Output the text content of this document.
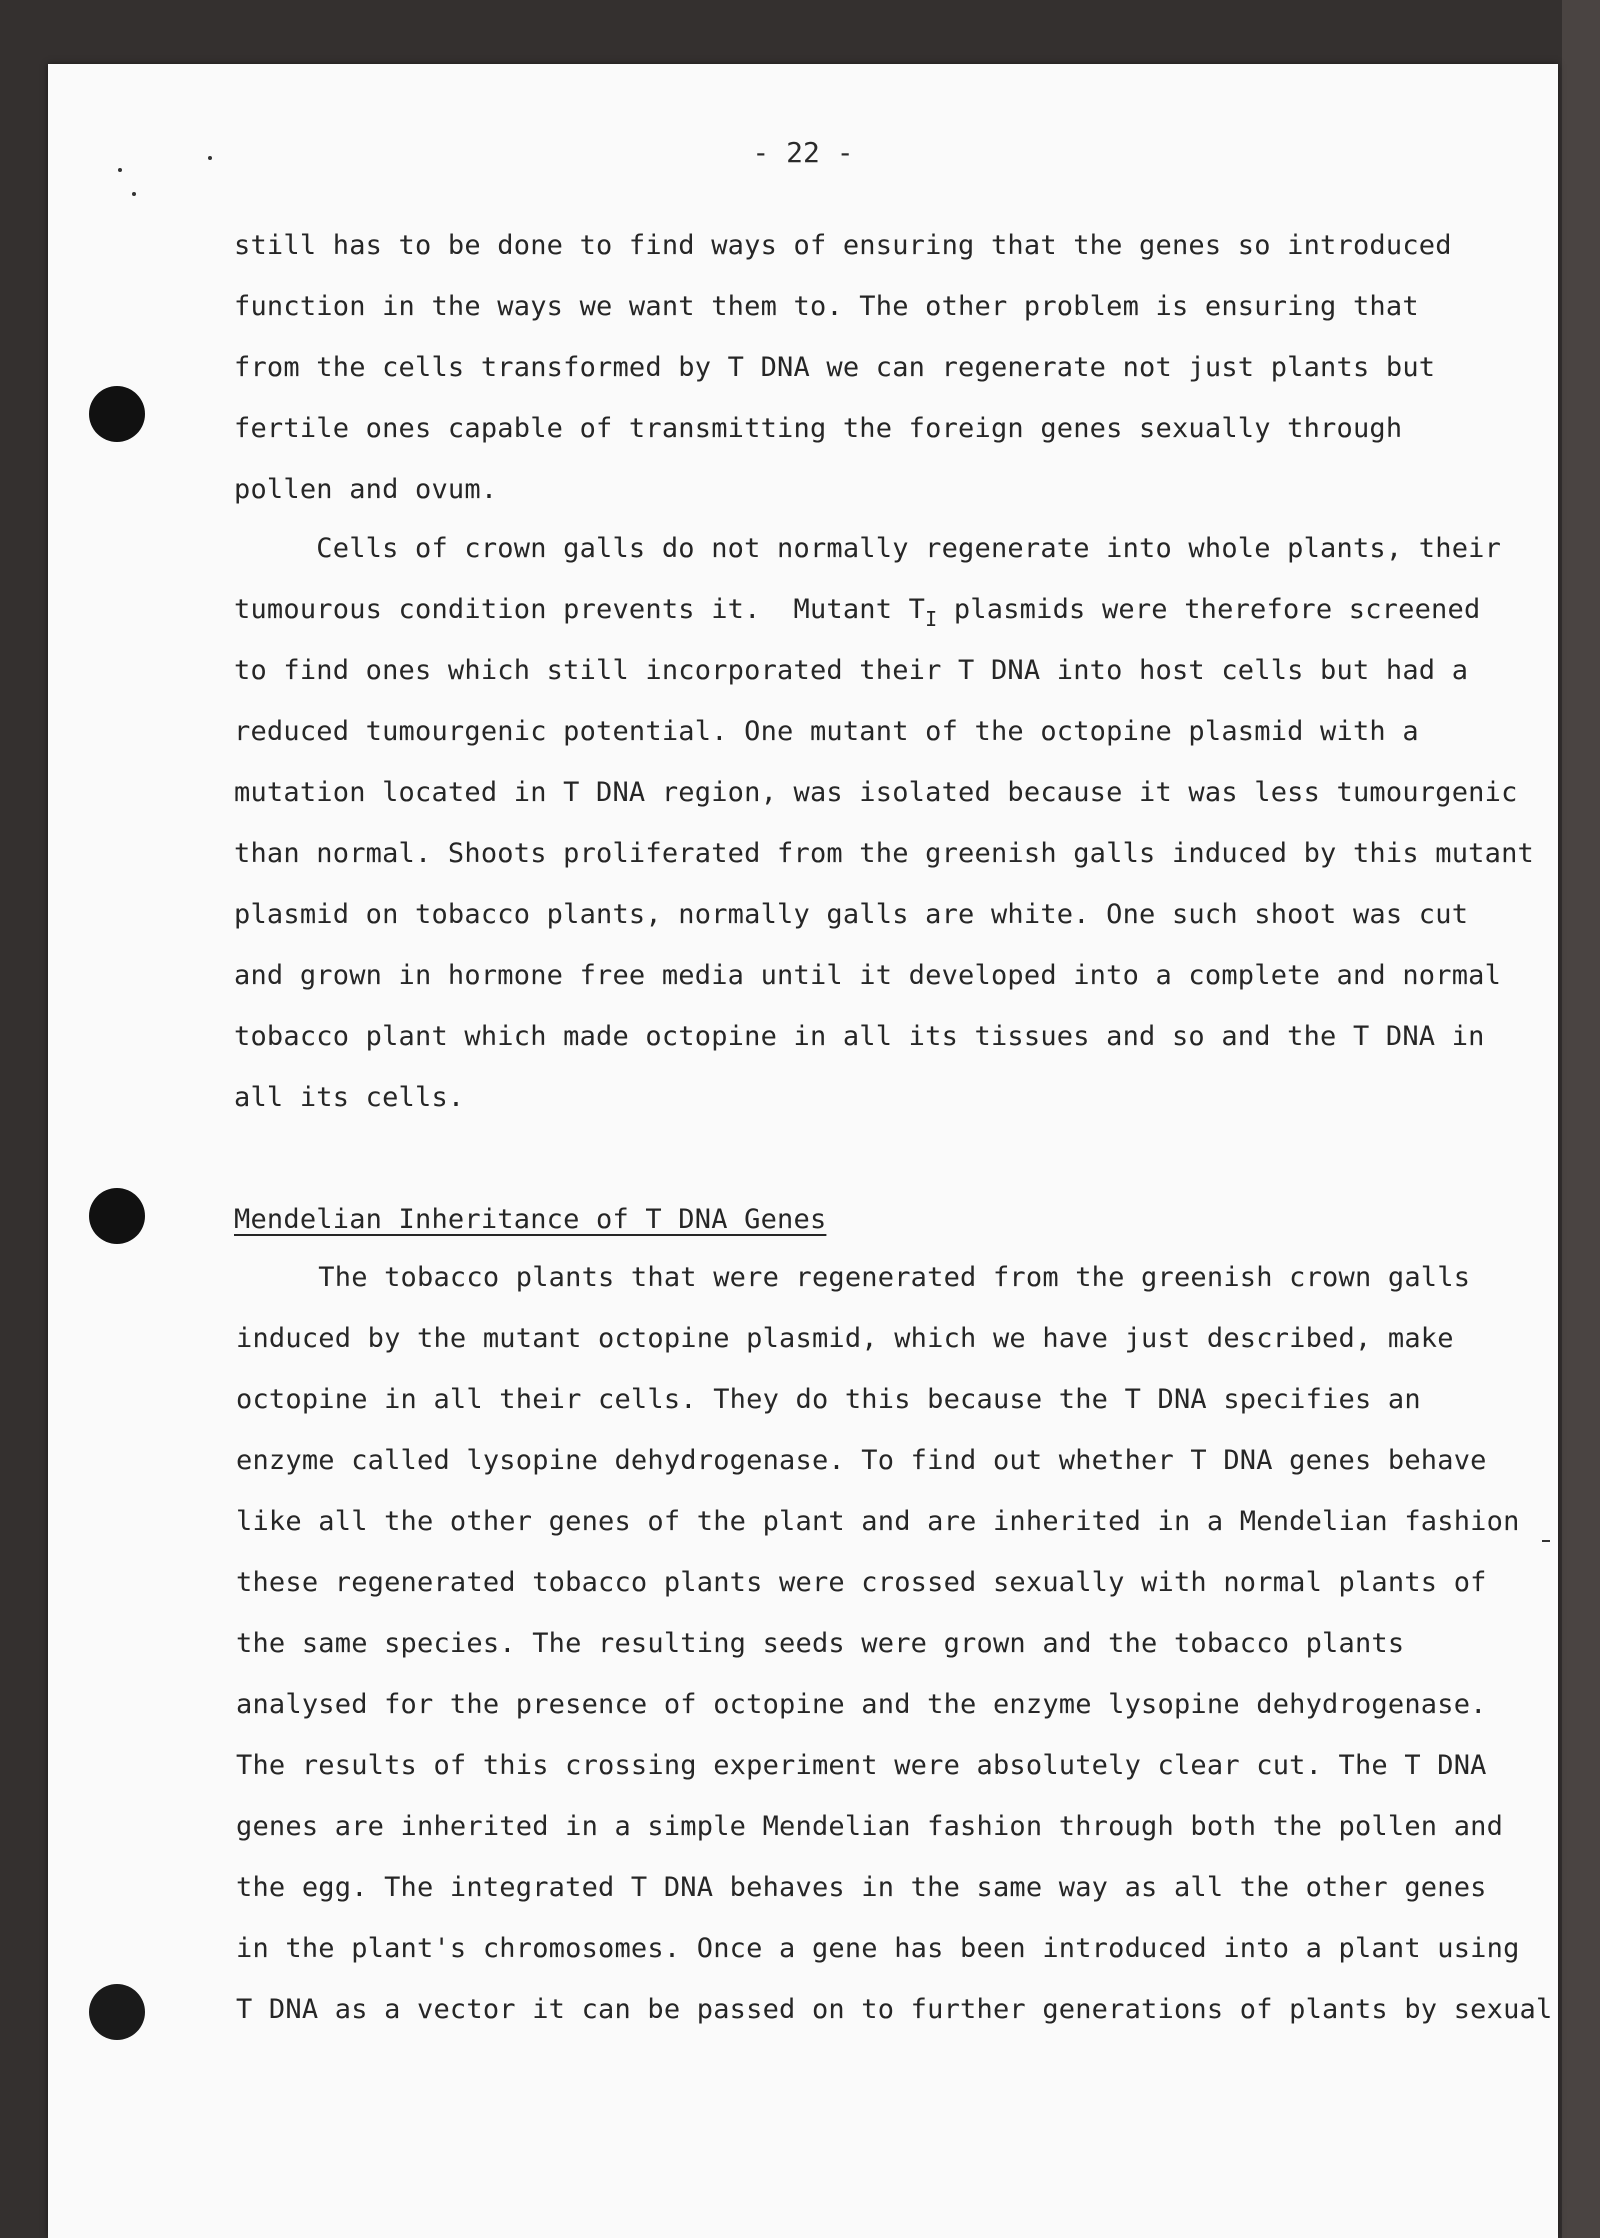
- 22 -
still has to be done to find ways of ensuring that the genes so introduced
function in the ways we want them to. The other problem is ensuring that
from the cells transformed by T DNA we can regenerate not just plants but
fertile ones capable of transmitting the foreign genes sexually through
pollen and ovum.
Cells of crown galls do not normally regenerate into whole plants, their
tumourous condition prevents it.  Mutant $T_I$ plasmids were therefore screened
to find ones which still incorporated their T DNA into host cells but had a
reduced tumourgenic potential. One mutant of the octopine plasmid with a
mutation located in T DNA region, was isolated because it was less tumourgenic
than normal. Shoots proliferated from the greenish galls induced by this mutant
plasmid on tobacco plants, normally galls are white. One such shoot was cut
and grown in hormone free media until it developed into a complete and normal
tobacco plant which made octopine in all its tissues and so and the T DNA in
all its cells.
Mendelian Inheritance of T DNA Genes
The tobacco plants that were regenerated from the greenish crown galls
induced by the mutant octopine plasmid, which we have just described, make
octopine in all their cells. They do this because the T DNA specifies an
enzyme called lysopine dehydrogenase. To find out whether T DNA genes behave
like all the other genes of the plant and are inherited in a Mendelian fashion
these regenerated tobacco plants were crossed sexually with normal plants of
the same species. The resulting seeds were grown and the tobacco plants
analysed for the presence of octopine and the enzyme lysopine dehydrogenase.
The results of this crossing experiment were absolutely clear cut. The T DNA
genes are inherited in a simple Mendelian fashion through both the pollen and
the egg. The integrated T DNA behaves in the same way as all the other genes
in the plant's chromosomes. Once a gene has been introduced into a plant using
T DNA as a vector it can be passed on to further generations of plants by sexual
